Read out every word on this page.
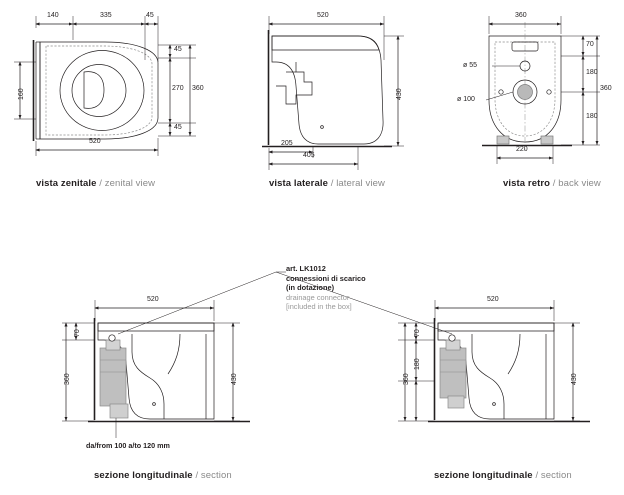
140	335	45
45
270 360
45
160
520
520
430
205
405
360
ø 55
ø 100
70
180
360
180
220
520
70
360	430
da/from 100 a/to 120 mm
520
70
180
360	430
art. LK1012
connessioni di scarico
(in dotazione)
drainage connector
[included in the box]
vista zenitale / zenital view	vista laterale / lateral view	vista retro / back view
sezione longitudinale / section	sezione longitudinale / section
